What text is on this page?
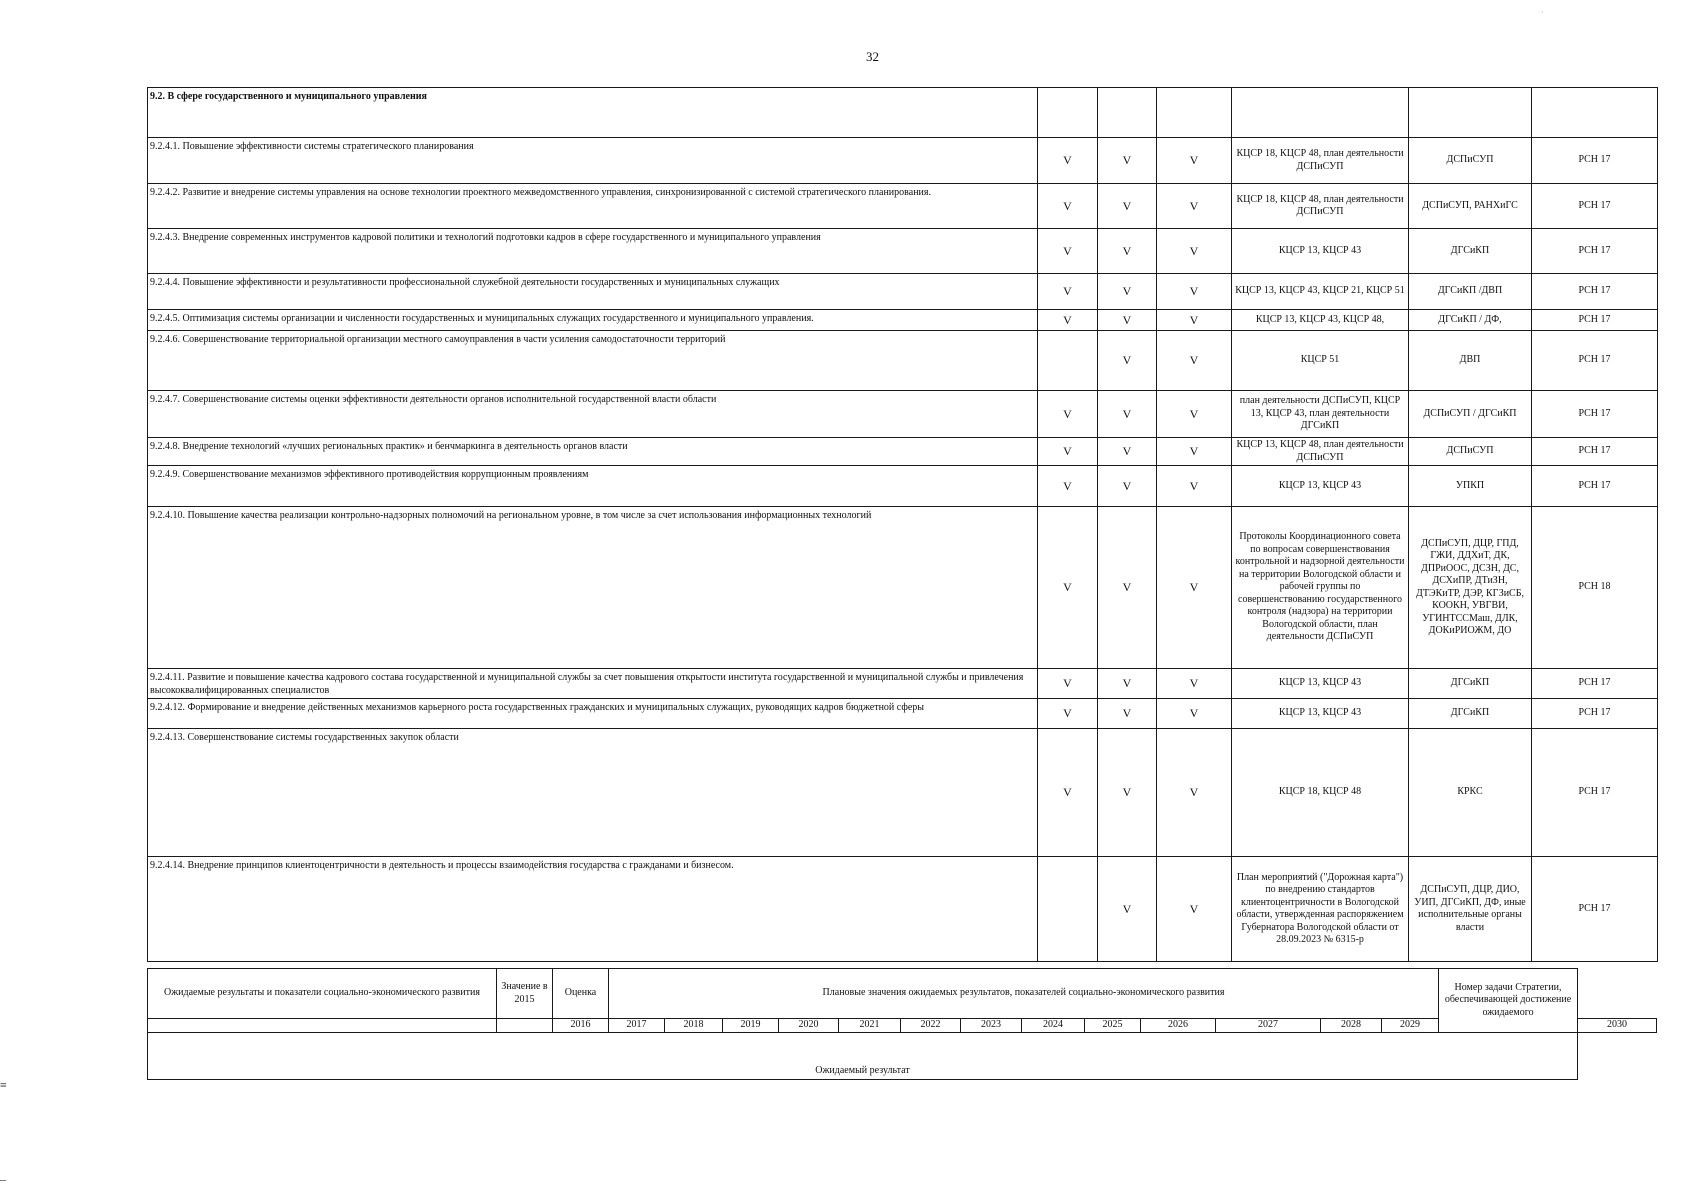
32
·
9.2. В сфере государственного и муниципального управления						
9.2.4.1. Повышение эффективности системы стратегического планирования	V	V	V	КЦСР 18, КЦСР 48, план деятельности ДСПиСУП	ДСПиСУП	РСН 17
9.2.4.2. Развитие и внедрение системы управления на основе технологии проектного межведомственного управления, синхронизированной с системой стратегического планирования.	V	V	V	КЦСР 18, КЦСР 48, план деятельности ДСПиСУП	ДСПиСУП, РАНХиГС	РСН 17
9.2.4.3. Внедрение современных инструментов кадровой политики и технологий подготовки кадров в сфере государственного и муниципального управления	V	V	V	КЦСР 13, КЦСР 43	ДГСиКП	РСН 17
9.2.4.4. Повышение эффективности и результативности профессиональной служебной деятельности государственных и муниципальных служащих	V	V	V	КЦСР 13, КЦСР 43, КЦСР 21, КЦСР 51	ДГСиКП /ДВП	РСН 17
9.2.4.5. Оптимизация системы организации и численности государственных и муниципальных служащих государственного и муниципального управления.	V	V	V	КЦСР 13, КЦСР 43, КЦСР 48,	ДГСиКП / ДФ,	РСН 17
9.2.4.6. Совершенствование территориальной организации местного самоуправления в части усиления самодостаточности территорий		V	V	КЦСР 51	ДВП	РСН 17
9.2.4.7. Совершенствование системы оценки эффективности деятельности органов исполнительной государственной власти области	V	V	V	план деятельности ДСПиСУП, КЦСР 13, КЦСР 43, план деятельности ДГСиКП	ДСПиСУП / ДГСиКП	РСН 17
9.2.4.8. Внедрение технологий «лучших региональных практик» и бенчмаркинга в деятельность органов власти	V	V	V	КЦСР 13, КЦСР 48, план деятельности ДСПиСУП	ДСПиСУП	РСН 17
9.2.4.9. Совершенствование механизмов эффективного противодействия коррупционным проявлениям	V	V	V	КЦСР 13, КЦСР 43	УПКП	РСН 17
9.2.4.10. Повышение качества реализации контрольно-надзорных полномочий на региональном уровне, в том числе за счет использования информационных технологий	V	V	V	Протоколы Координационного совета по вопросам совершенствования контрольной и надзорной деятельности на территории Вологодской области и рабочей группы по совершенствованию государственного контроля (надзора) на территории Вологодской области, план деятельности ДСПиСУП	ДСПиСУП, ДЦР, ГПД, ГЖИ, ДДХиТ, ДК, ДПРиООС, ДСЗН, ДС, ДСХиПР, ДТиЗН, ДТЭКиТР, ДЭР, КГЗиСБ, КООКН, УВГВИ, УГИНТССМаш, ДЛК, ДОКиРИОЖМ, ДО	РСН 18
9.2.4.11. Развитие и повышение качества кадрового состава государственной и муниципальной службы за счет повышения открытости института государственной и муниципальной службы и привлечения высококвалифицированных специалистов	V	V	V	КЦСР 13, КЦСР 43	ДГСиКП	РСН 17
9.2.4.12. Формирование и внедрение действенных механизмов карьерного роста государственных гражданских и муниципальных служащих, руководящих кадров бюджетной сферы	V	V	V	КЦСР 13, КЦСР 43	ДГСиКП	РСН 17
9.2.4.13. Совершенствование системы государственных закупок области	V	V	V	КЦСР 18, КЦСР 48	КРКС	РСН 17
9.2.4.14. Внедрение принципов клиентоцентричности в деятельность и процессы взаимодействия государства с гражданами и бизнесом.		V	V	План мероприятий ("Дорожная карта") по внедрению стандартов клиентоцентричности в Вологодской области, утвержденная распоряжением Губернатора Вологодской области от 28.09.2023 № 6315-р	ДСПиСУП, ДЦР, ДИО, УИП, ДГСиКП, ДФ, иные исполнительные органы власти	РСН 17
Ожидаемые результаты и показатели социально-экономического развития	Значение в 2015	Оценка	Плановые значения ожидаемых результатов, показателей социально-экономического развития													Номер задачи Стратегии, обеспечивающей достижение ожидаемого	
		2016	2017	2018	2019	2020	2021	2022	2023	2024	2025	2026	2027	2028	2029		2030
Ожидаемый результат																	
≡
–
